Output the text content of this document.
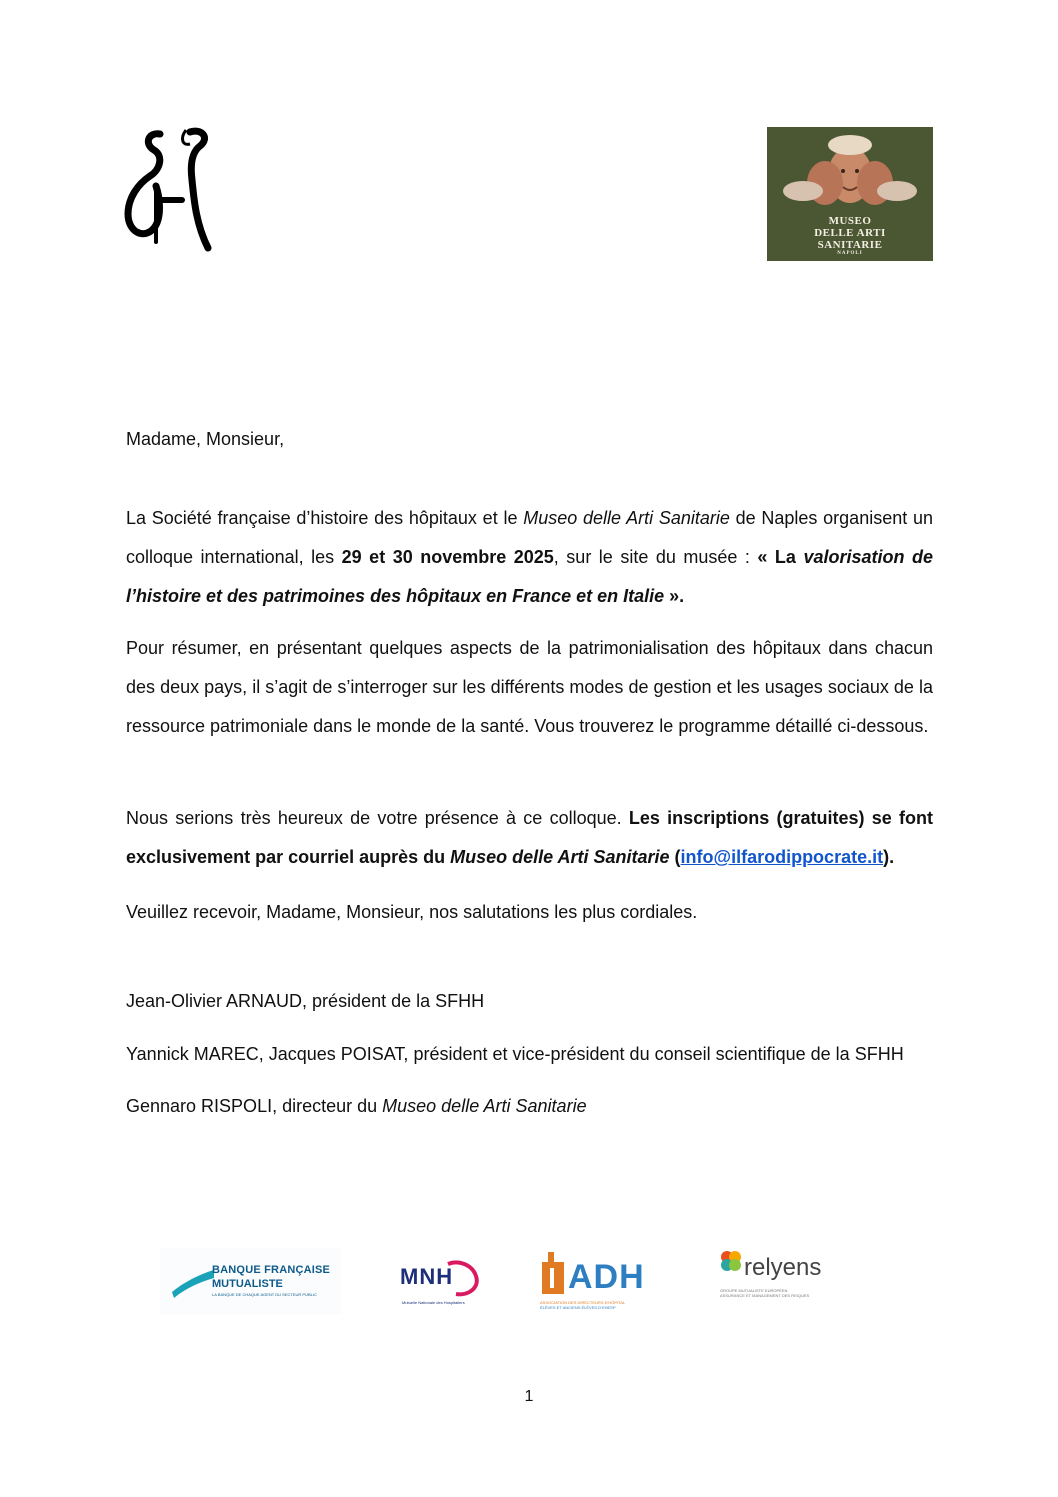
MUSEO
DELLE ARTI
SANITARIE
NAPOLI
Madame, Monsieur,
La Société française d’histoire des hôpitaux et le Museo delle Arti Sanitarie de Naples organisent un colloque international, les 29 et 30 novembre 2025, sur le site du musée : « La valorisation de l’histoire et des patrimoines des hôpitaux en France et en Italie ».
Pour résumer, en présentant quelques aspects de la patrimonialisation des hôpitaux dans chacun des deux pays, il s’agit de s’interroger sur les différents modes de gestion et les usages sociaux de la ressource patrimoniale dans le monde de la santé. Vous trouverez le programme détaillé ci-dessous.
Nous serions très heureux de votre présence à ce colloque. Les inscriptions (gratuites) se font exclusivement par courriel auprès du Museo delle Arti Sanitarie (info@ilfarodippocrate.it).
Veuillez recevoir, Madame, Monsieur, nos salutations les plus cordiales.
Jean-Olivier ARNAUD, président de la SFHH
Yannick MAREC, Jacques POISAT, président et vice-président du conseil scientifique de la SFHH
Gennaro RISPOLI, directeur du Museo delle Arti Sanitarie
BANQUE FRANÇAISE
MUTUALISTE
LA BANQUE DE CHAQUE AGENT DU SECTEUR PUBLIC
MNH
Mutuelle Nationale des Hospitaliers
ADH
ASSOCIATION DES DIRECTEURS D’HÔPITAL
ÉLÈVES ET ANCIENS ÉLÈVES D’EHESP
relyens
GROUPE MUTUALISTE EUROPÉEN
ASSURANCE ET MANAGEMENT DES RISQUES
1
